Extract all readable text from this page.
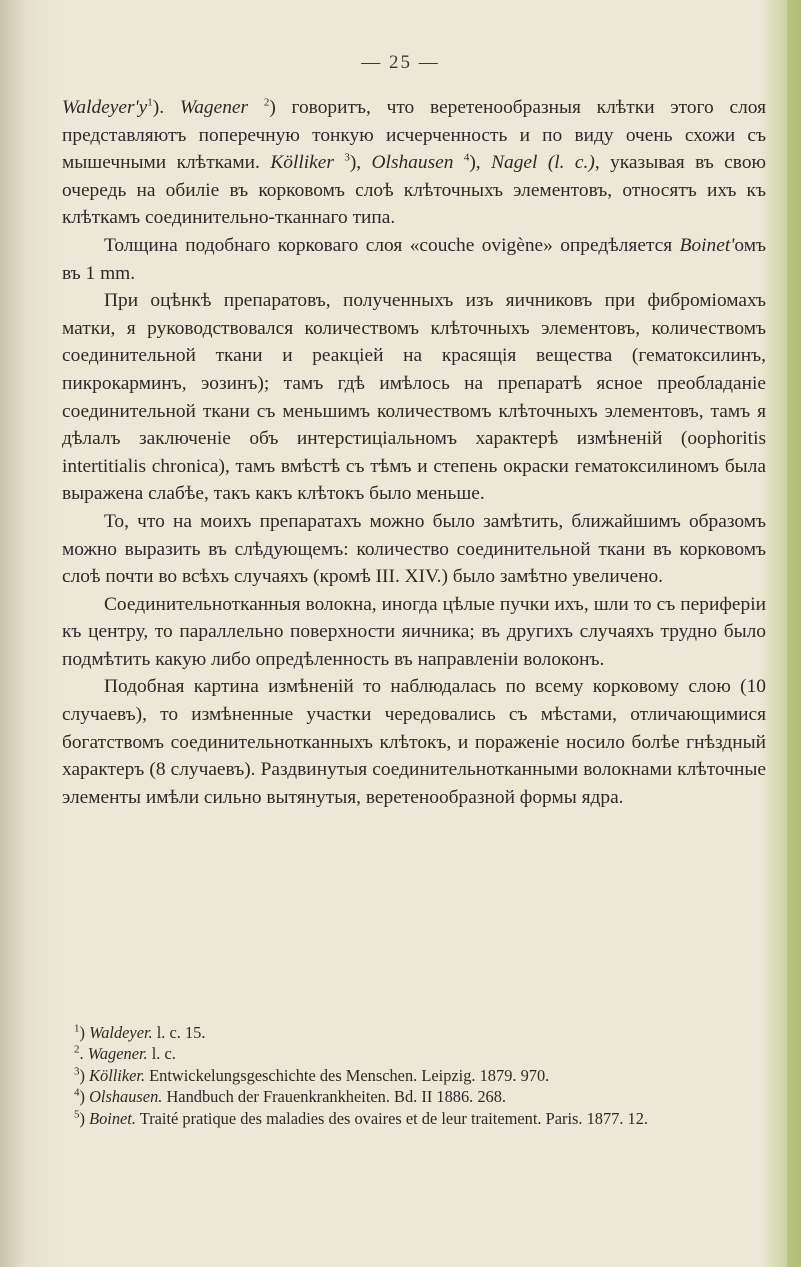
— 25 —

$Waldeyer'y^1$). Wagener $^2$) говоритъ, что веретенообразныя клѣтки этого слоя представляютъ поперечную тонкую исчерченность и по виду очень схожи съ мышечными клѣтками. Kölliker $^3$), Olshausen $^4$), Nagel (l. c.), указывая въ свою очередь на обиліе въ корковомъ слоѣ клѣточныхъ элементовъ, относятъ ихъ къ клѣткамъ соединительно-тканнаго типа.

Толщина подобнаго корковаго слоя «couche ovigène» опредѣляется Boinet'омъ въ 1 mm.

При оцѣнкѣ препаратовъ, полученныхъ изъ яичниковъ при фибромiомахъ матки, я руководствовался количествомъ клѣточныхъ элементовъ, количествомъ соединительной ткани и реакціей на красящія вещества (гематоксилинъ, пикрокарминъ, эозинъ); тамъ гдѣ имѣлось на препаратѣ ясное преобладаніе соединительной ткани съ меньшимъ количествомъ клѣточныхъ элементовъ, тамъ я дѣлалъ заключеніе объ интерстиціальномъ характерѣ измѣненій (oophoritis intertitialis chronica), тамъ вмѣстѣ съ тѣмъ и степень окраски гематоксилиномъ была выражена слабѣе, такъ какъ клѣтокъ было меньше.

То, что на моихъ препаратахъ можно было замѣтить, ближайшимъ образомъ можно выразить въ слѣдующемъ: количество соединительной ткани въ корковомъ слоѣ почти во всѣхъ случаяхъ (кромѣ III. XIV.) было замѣтно увеличено.

Соединительнотканныя волокна, иногда цѣлые пучки ихъ, шли то съ периферіи къ центру, то параллельно поверхности яичника; въ другихъ случаяхъ трудно было подмѣтить какую либо опредѣленность въ направленіи волоконъ.

Подобная картина измѣненій то наблюдалась по всему корковому слою (10 случаевъ), то измѣненные участки чередовались съ мѣстами, отличающимися богатствомъ соединительнотканныхъ клѣтокъ, и пораженіе носило болѣе гнѣздный характеръ (8 случаевъ). Раздвинутыя соединительнотканными волокнами клѣточные элементы имѣли сильно вытянутыя, веретенообразной формы ядра.

$^1$) Waldeyer. l. c. 15.

$^2$. Wagener. l. c.

$^3$) Kölliker. Entwickelungsgeschichte des Menschen. Leipzig. 1879. 970.

$^4$) Olshausen. Handbuch der Frauenkrankheiten. Bd. II 1886. 268.

$^5$) Boinet. Traité pratique des maladies des ovaires et de leur traitement. Paris. 1877. 12.
